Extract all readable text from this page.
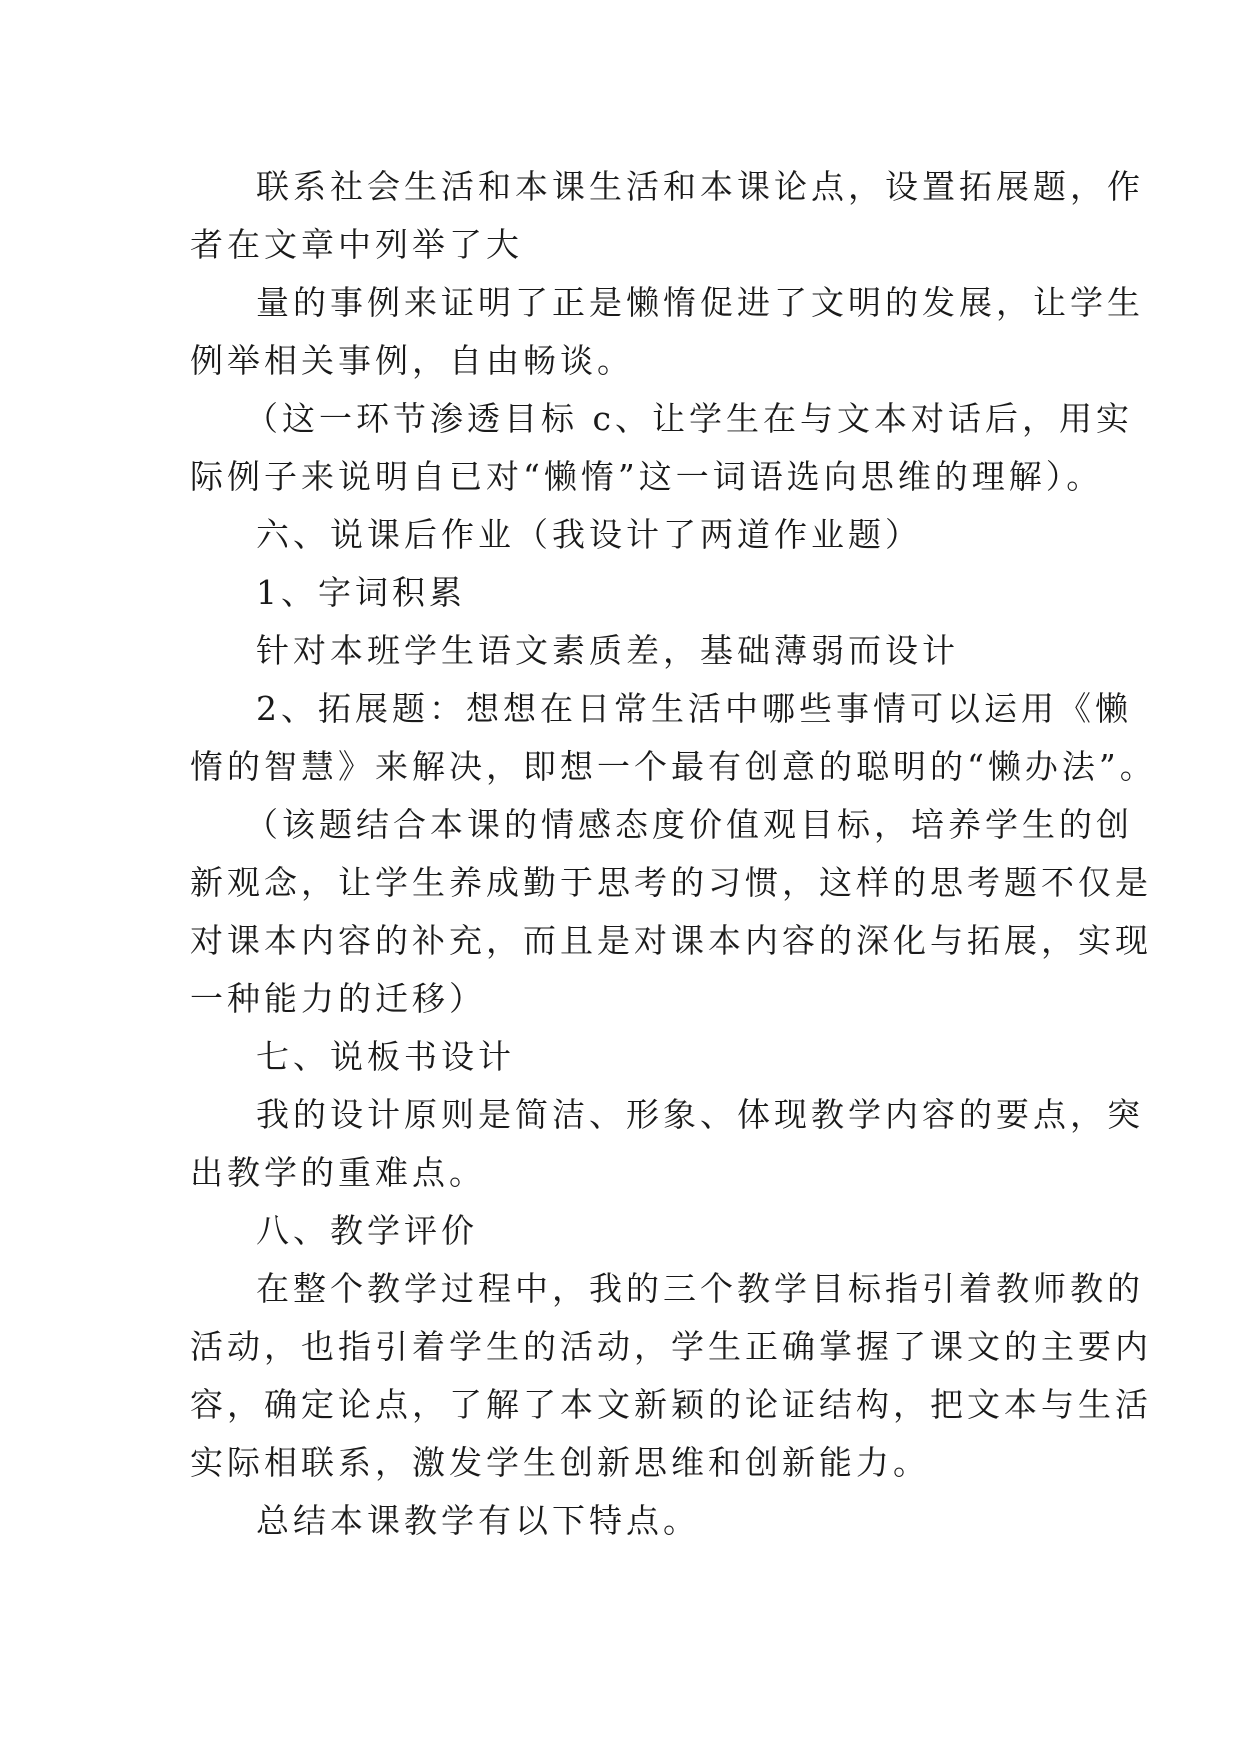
联系社会生活和本课生活和本课论点，设置拓展题，作
者在文章中列举了大
量的事例来证明了正是懒惰促进了文明的发展，让学生
例举相关事例，自由畅谈。
（这一环节渗透目标 c、让学生在与文本对话后，用实
际例子来说明自已对“懒惰”这一词语选向思维的理解）。
六、说课后作业（我设计了两道作业题）
1、字词积累
针对本班学生语文素质差，基础薄弱而设计
2、拓展题：想想在日常生活中哪些事情可以运用《懒
惰的智慧》来解决，即想一个最有创意的聪明的“懒办法”。
（该题结合本课的情感态度价值观目标，培养学生的创
新观念，让学生养成勤于思考的习惯，这样的思考题不仅是
对课本内容的补充，而且是对课本内容的深化与拓展，实现
一种能力的迁移）
七、说板书设计
我的设计原则是简洁、形象、体现教学内容的要点，突
出教学的重难点。
八、教学评价
在整个教学过程中，我的三个教学目标指引着教师教的
活动，也指引着学生的活动，学生正确掌握了课文的主要内
容，确定论点，了解了本文新颖的论证结构，把文本与生活
实际相联系，激发学生创新思维和创新能力。
总结本课教学有以下特点。
